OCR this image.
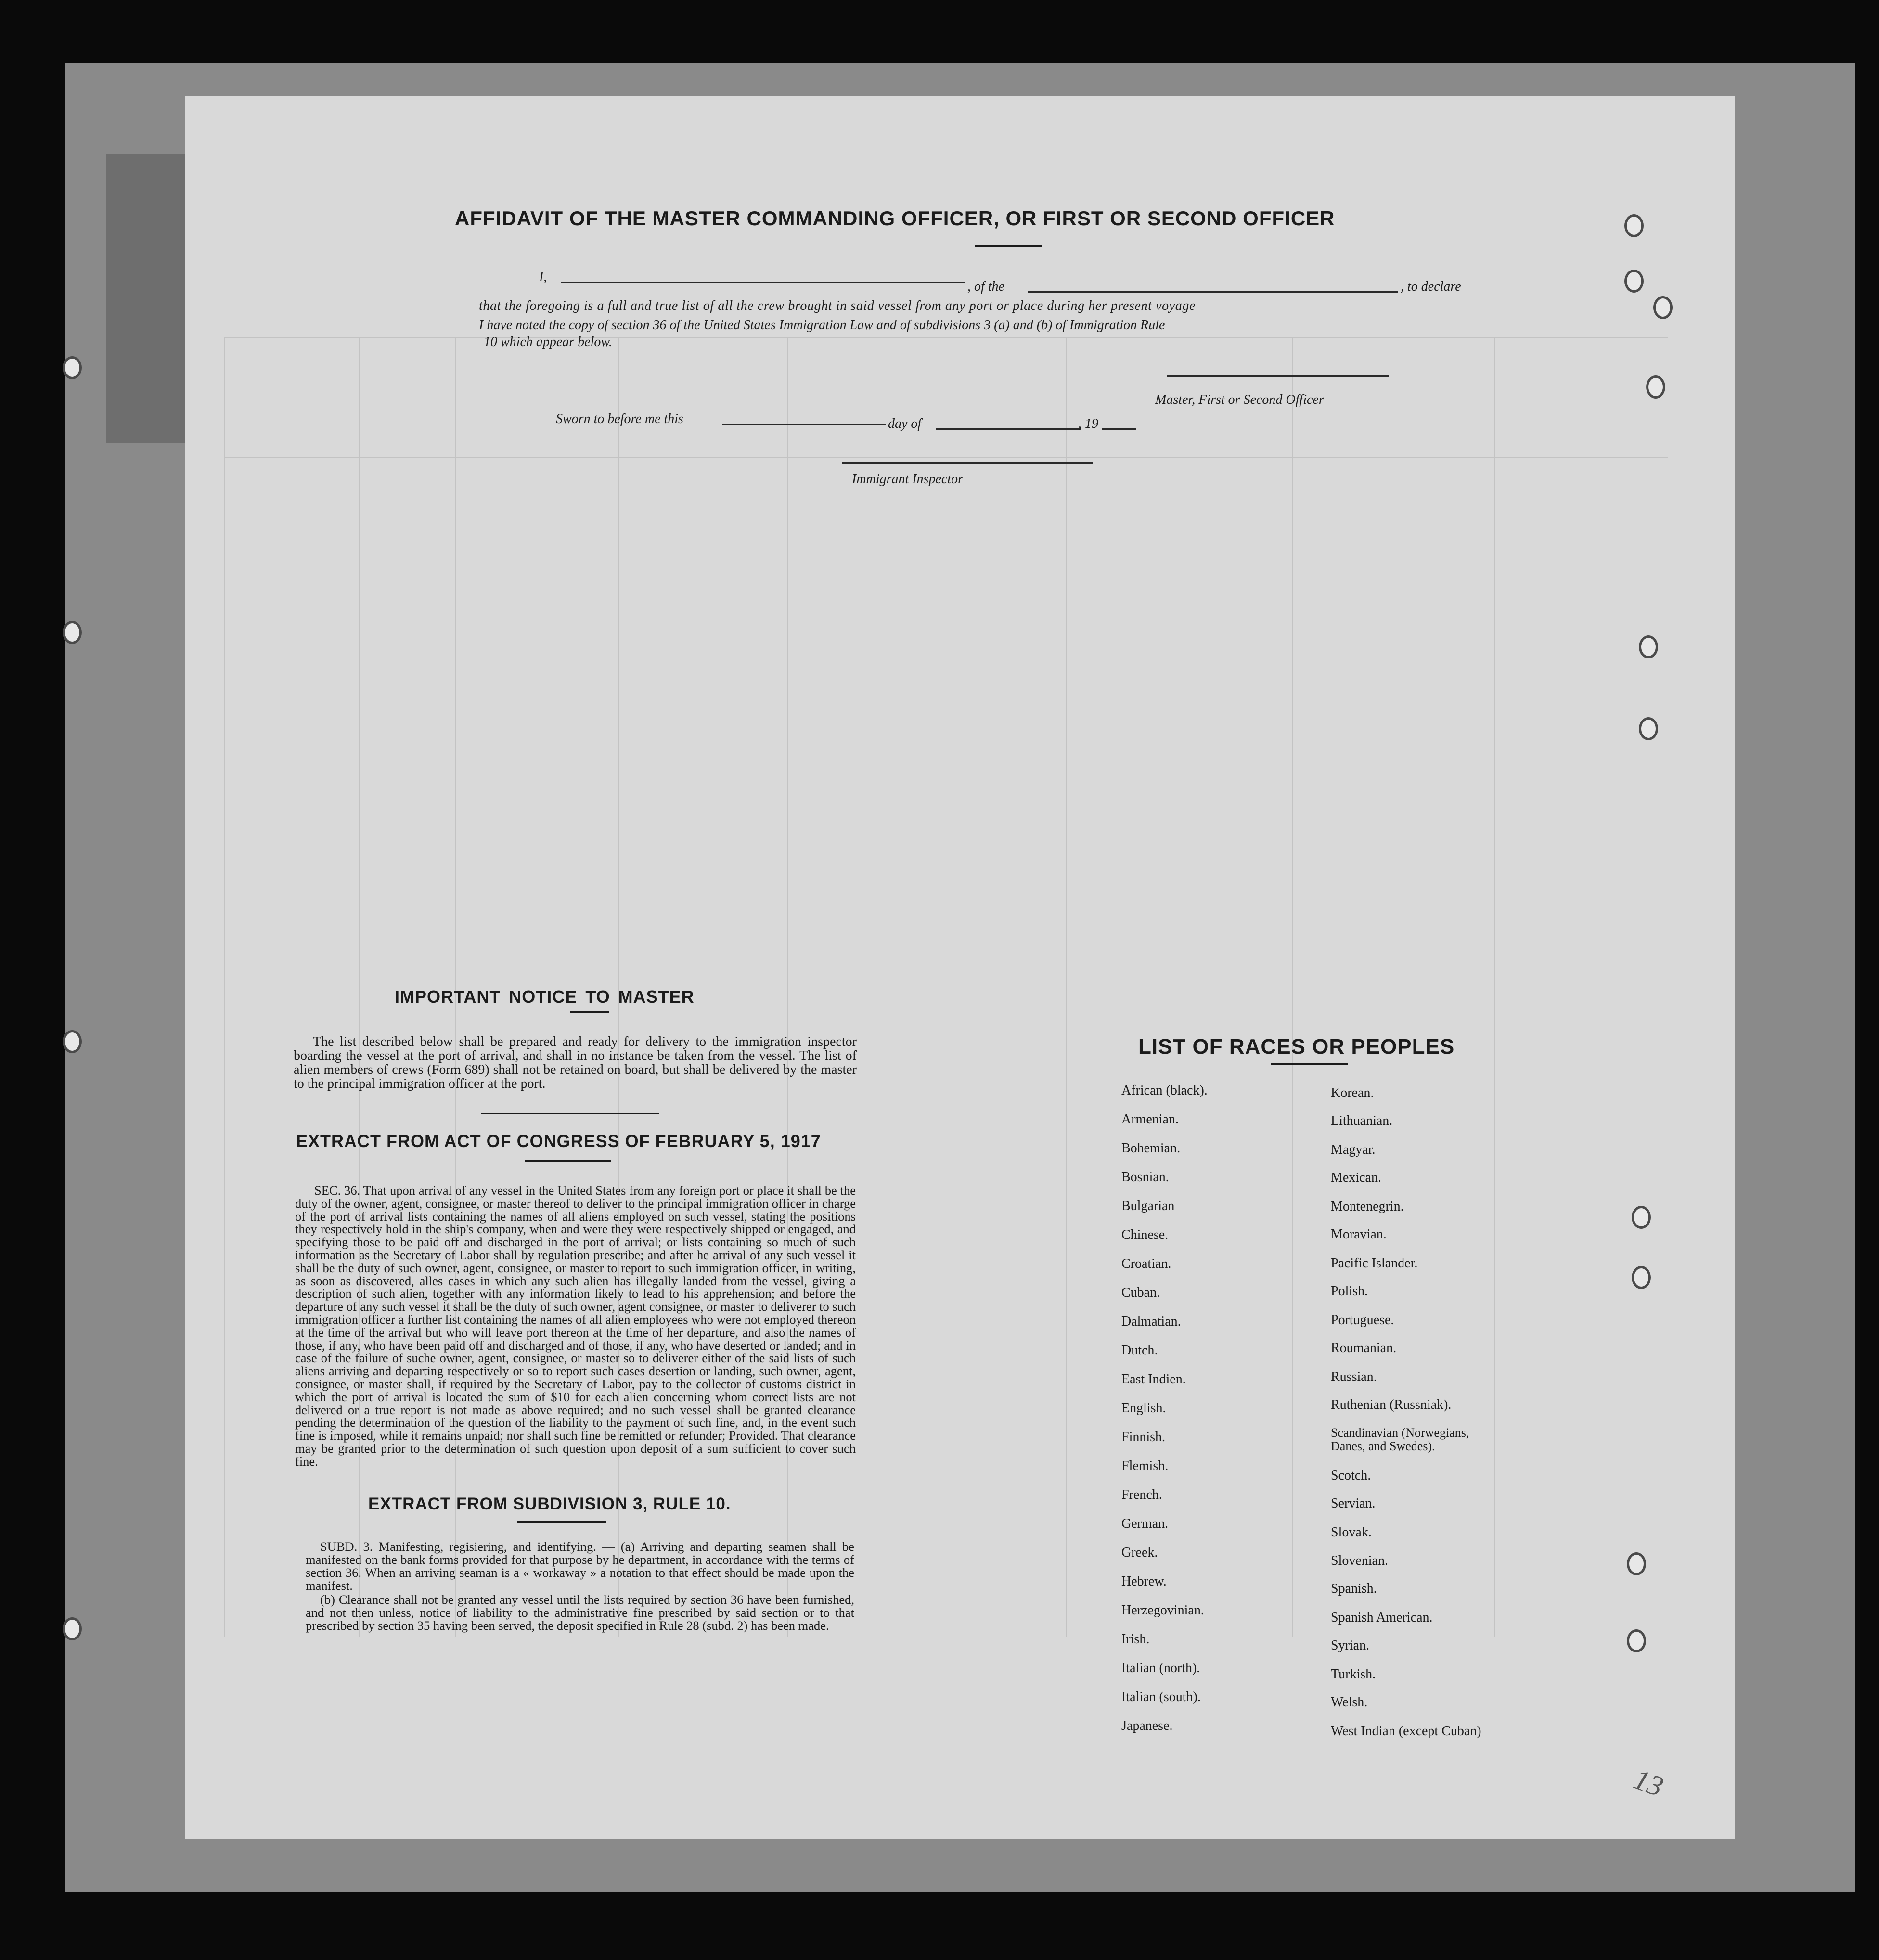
AFFIDAVIT OF THE MASTER COMMANDING OFFICER, OR FIRST OR SECOND OFFICER
I,
, of the	, to declare
that the foregoing is a full and true list of all the crew brought in said vessel from any port or place during her present voyage
I have noted the copy of section 36 of the United States Immigration Law and of subdivisions 3 (a) and (b) of Immigration Rule
10 which appear below.
Master, First or Second Officer
Sworn to before me this	day of	, 19
Immigrant Inspector
IMPORTANT NOTICE TO MASTER
The list described below shall be prepared and ready for delivery to the immigration inspector boarding the vessel at the port of arrival, and shall in no instance be taken from the vessel. The list of alien members of crews (Form 689) shall not be retained on board, but shall be delivered by the master to the principal immigration officer at the port.
EXTRACT FROM ACT OF CONGRESS OF FEBRUARY 5, 1917
SEC. 36. That upon arrival of any vessel in the United States from any foreign port or place it shall be the duty of the owner, agent, consignee, or master thereof to deliver to the principal immigration officer in charge of the port of arrival lists containing the names of all aliens employed on such vessel, stating the positions they respectively hold in the ship's company, when and were they were respectively shipped or engaged, and specifying those to be paid off and discharged in the port of arrival; or lists containing so much of such information as the Secretary of Labor shall by regulation prescribe; and after he arrival of any such vessel it shall be the duty of such owner, agent, consignee, or master to report to such immigration officer, in writing, as soon as discovered, alles cases in which any such alien has illegally landed from the vessel, giving a description of such alien, together with any information likely to lead to his apprehension; and before the departure of any such vessel it shall be the duty of such owner, agent consignee, or master to deliverer to such immigration officer a further list containing the names of all alien employees who were not employed thereon at the time of the arrival but who will leave port thereon at the time of her departure, and also the names of those, if any, who have been paid off and discharged and of those, if any, who have deserted or landed; and in case of the failure of suche owner, agent, consignee, or master so to deliverer either of the said lists of such aliens arriving and departing respectively or so to report such cases desertion or landing, such owner, agent, consignee, or master shall, if required by the Secretary of Labor, pay to the collector of customs district in which the port of arrival is located the sum of $10 for each alien concerning whom correct lists are not delivered or a true report is not made as above required; and no such vessel shall be granted clearance pending the determination of the question of the liability to the payment of such fine, and, in the event such fine is imposed, while it remains unpaid; nor shall such fine be remitted or refunder; Provided. That clearance may be granted prior to the determination of such question upon deposit of a sum sufficient to cover such fine.
EXTRACT FROM SUBDIVISION 3, RULE 10.
SUBD. 3. Manifesting, regisiering, and identifying. — (a) Arriving and departing seamen shall be manifested on the bank forms provided for that purpose by he department, in accordance with the terms of section 36. When an arriving seaman is a « workaway » a notation to that effect should be made upon the manifest.
(b) Clearance shall not be granted any vessel until the lists required by section 36 have been furnished, and not then unless, notice of liability to the administrative fine prescribed by said section or to that prescribed by section 35 having been served, the deposit specified in Rule 28 (subd. 2) has been made.
LIST OF RACES OR PEOPLES
African (black).
Armenian.
Bohemian.
Bosnian.
Bulgarian
Chinese.
Croatian.
Cuban.
Dalmatian.
Dutch.
East Indien.
English.
Finnish.
Flemish.
French.
German.
Greek.
Hebrew.
Herzegovinian.
Irish.
Italian (north).
Italian (south).
Japanese.
Korean.
Lithuanian.
Magyar.
Mexican.
Montenegrin.
Moravian.
Pacific Islander.
Polish.
Portuguese.
Roumanian.
Russian.
Ruthenian (Russniak).
Scandinavian (Norwegians, Danes, and Swedes).
Scotch.
Servian.
Slovak.
Slovenian.
Spanish.
Spanish American.
Syrian.
Turkish.
Welsh.
West Indian (except Cuban)
13
